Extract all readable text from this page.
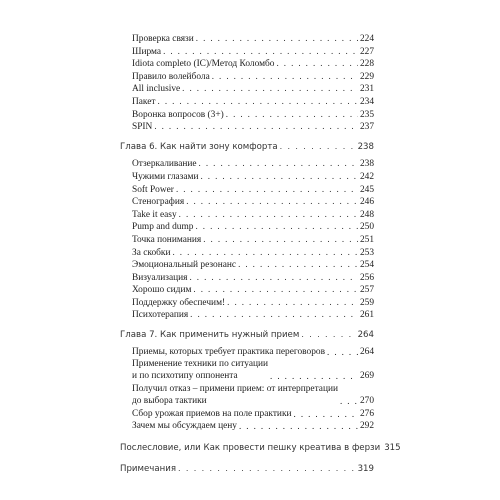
Проверка связи . . .	224
Ширма . . .	227
Idiota completo (IC)/Метод Коломбо . . .	228
Правило волейбола . . .	229
All inclusive . . .	231
Пакет . . .	234
Воронка вопросов (3+) . . .	235
SPIN . . .	237
Глава 6. Как найти зону комфорта . . .	238
Отзеркаливание . . .	238
Чужими глазами . . .	242
Soft Power . . .	245
Стенография . . .	246
Take it easy . . .	248
Pump and dump . . .	250
Точка понимания . . .	251
За скобки . . .	253
Эмоциональный резонанс . . .	254
Визуализация . . .	256
Хорошо сидим . . .	257
Поддержку обеспечим! . . .	259
Психотерапия . . .	261
Глава 7. Как применить нужный прием . . .	264
Приемы, которых требует практика переговоров . . .	264
Применение техники по ситуации
и по психотипу оппонента . . .	269
Получил отказ – примени прием: от интерпретации
до выбора тактики . . .	270
Сбор урожая приемов на поле практики . . .	276
Зачем мы обсуждаем цену . . .	292
Послесловие, или Как провести пешку креатива в ферзи 315
Примечания . . .	319
